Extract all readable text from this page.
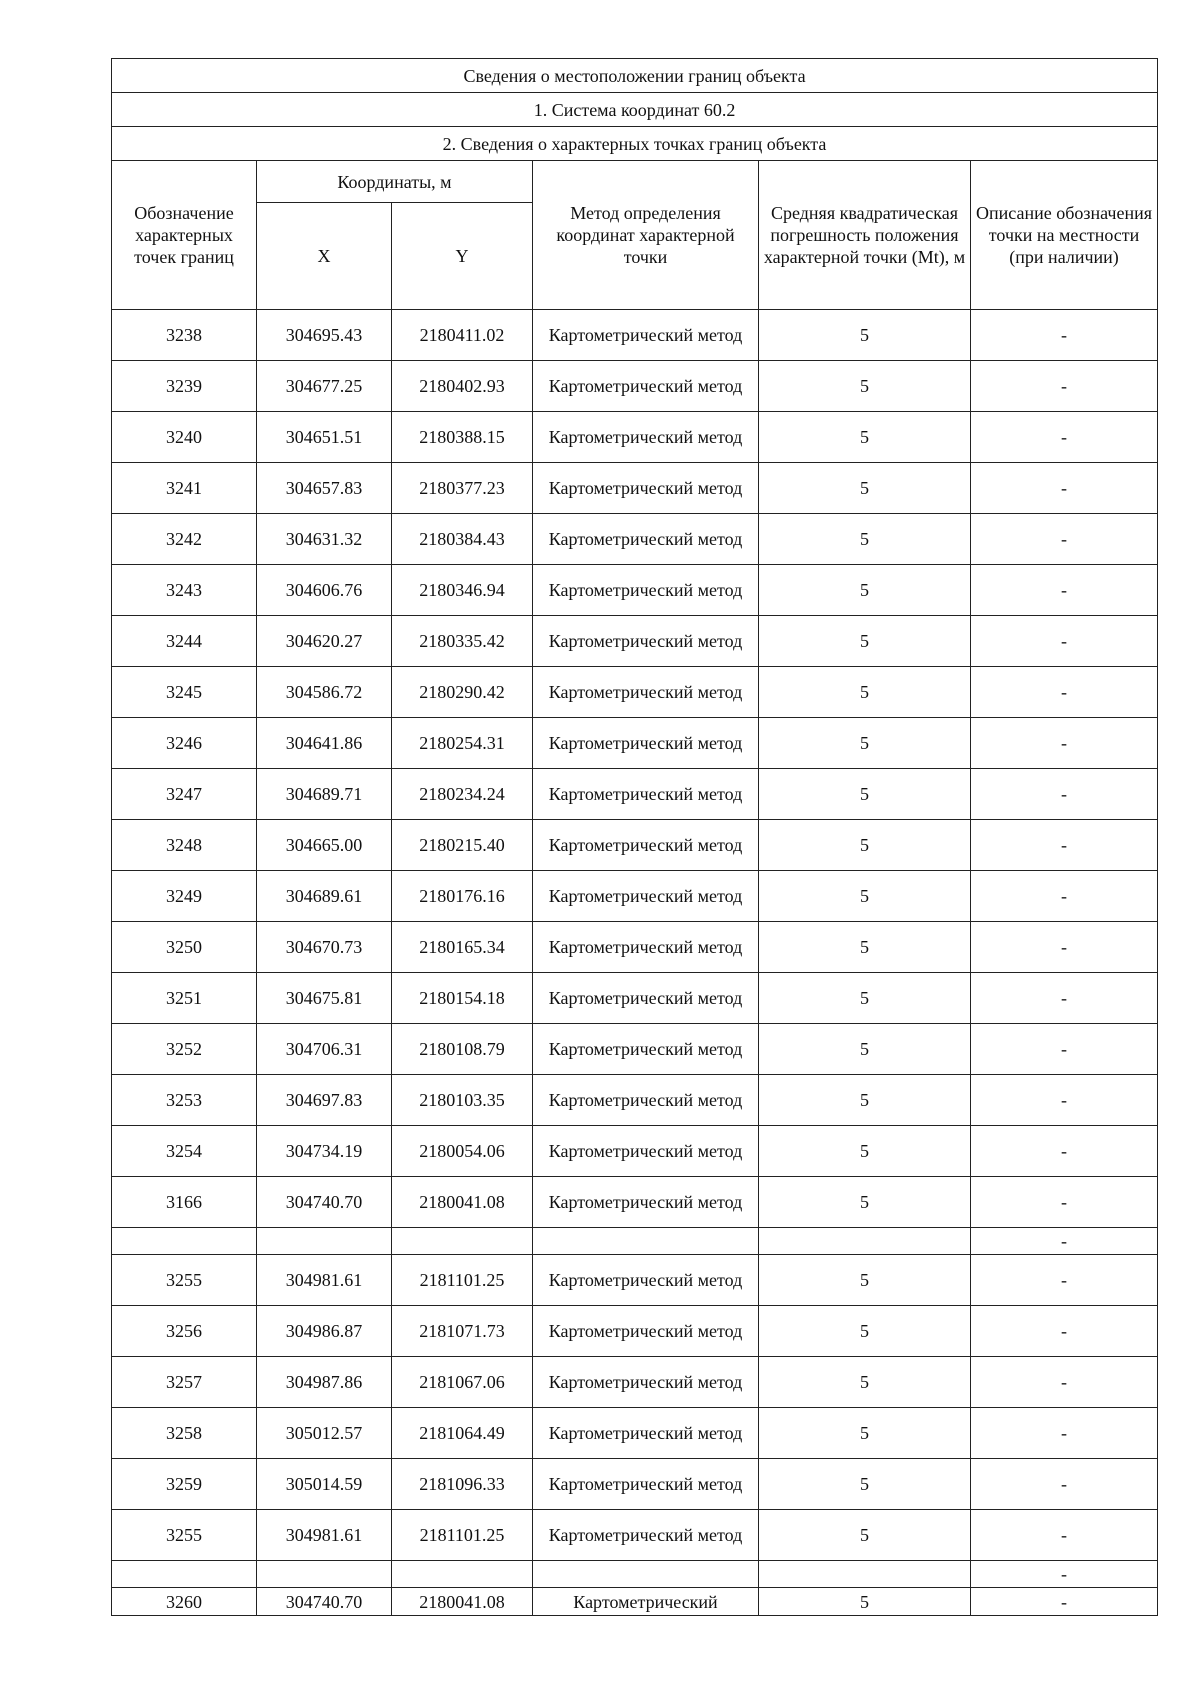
Сведения о местоположении границ объекта					
1. Система координат 60.2					
2. Сведения о характерных точках границ объекта					
Обозначение характерных точек границ	Координаты, м		Метод определения координат характерной точки	Средняя квадратическая погрешность положения характерной точки (Mt), м	Описание обозначения точки на местности (при наличии)
	X	Y			
3238	304695.43	2180411.02	Картометрический метод	5	-
3239	304677.25	2180402.93	Картометрический метод	5	-
3240	304651.51	2180388.15	Картометрический метод	5	-
3241	304657.83	2180377.23	Картометрический метод	5	-
3242	304631.32	2180384.43	Картометрический метод	5	-
3243	304606.76	2180346.94	Картометрический метод	5	-
3244	304620.27	2180335.42	Картометрический метод	5	-
3245	304586.72	2180290.42	Картометрический метод	5	-
3246	304641.86	2180254.31	Картометрический метод	5	-
3247	304689.71	2180234.24	Картометрический метод	5	-
3248	304665.00	2180215.40	Картометрический метод	5	-
3249	304689.61	2180176.16	Картометрический метод	5	-
3250	304670.73	2180165.34	Картометрический метод	5	-
3251	304675.81	2180154.18	Картометрический метод	5	-
3252	304706.31	2180108.79	Картометрический метод	5	-
3253	304697.83	2180103.35	Картометрический метод	5	-
3254	304734.19	2180054.06	Картометрический метод	5	-
3166	304740.70	2180041.08	Картометрический метод	5	-
					-
3255	304981.61	2181101.25	Картометрический метод	5	-
3256	304986.87	2181071.73	Картометрический метод	5	-
3257	304987.86	2181067.06	Картометрический метод	5	-
3258	305012.57	2181064.49	Картометрический метод	5	-
3259	305014.59	2181096.33	Картометрический метод	5	-
3255	304981.61	2181101.25	Картометрический метод	5	-
					-
3260	304740.70	2180041.08	Картометрический	5	-
